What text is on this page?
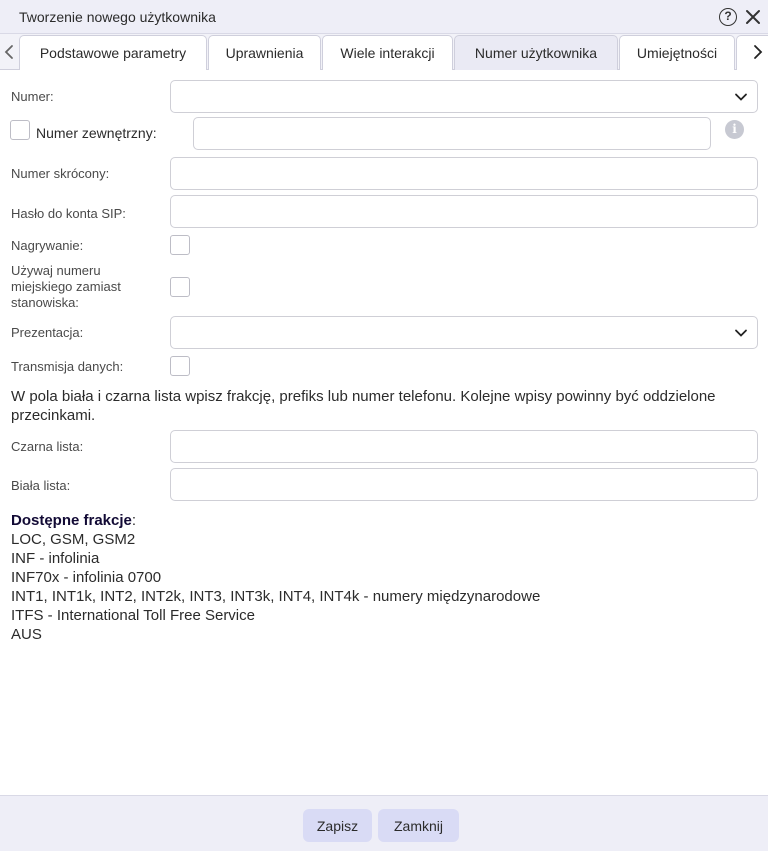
Tworzenie nowego użytkownika	?
Podstawowe parametry	Uprawnienia	Wiele interakcji	Numer użytkownika	Umiejętności
Numer:
Numer zewnętrzny:	i
Numer skrócony:
Hasło do konta SIP:
Nagrywanie:
Używaj numeru
miejskiego zamiast
stanowiska:
Prezentacja:
Transmisja danych:

W pola biała i czarna lista wpisz frakcję, prefiks lub numer telefonu. Kolejne wpisy powinny być oddzielone przecinkami.

Czarna lista:
Biała lista:
Dostępne frakcje:
LOC, GSM, GSM2
INF - infolinia
INF70x - infolinia 0700
INT1, INT1k, INT2, INT2k, INT3, INT3k, INT4, INT4k - numery międzynarodowe
ITFS - International Toll Free Service
AUS
Zapisz	Zamknij
